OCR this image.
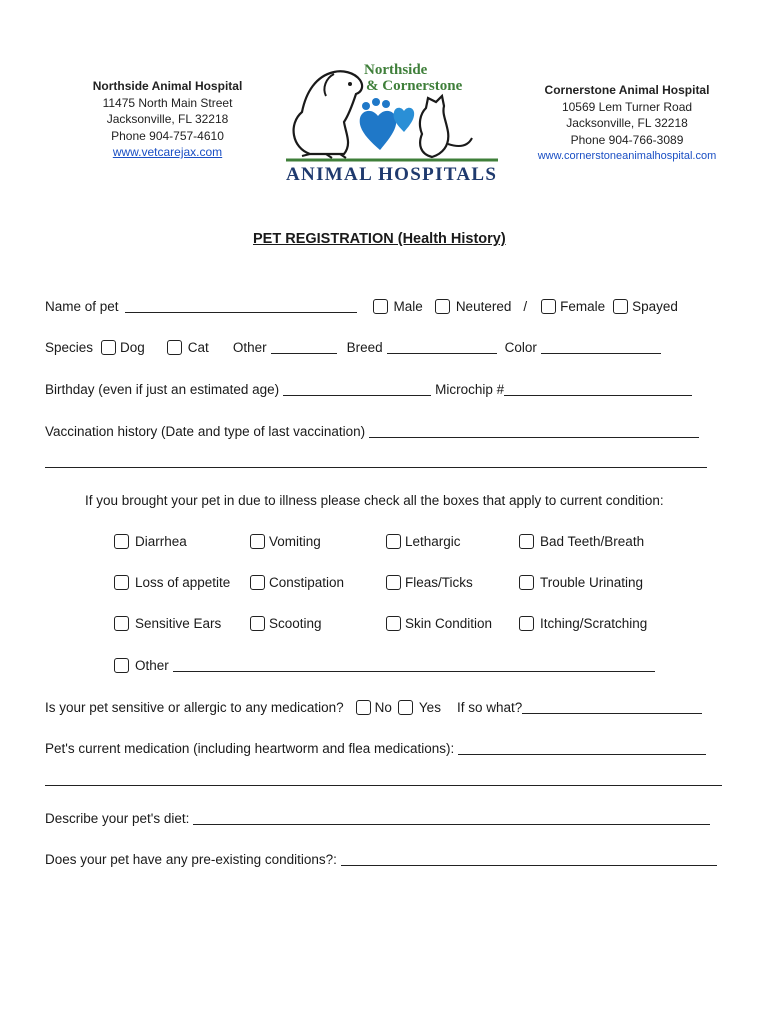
Northside Animal Hospital
11475 North Main Street
Jacksonville, FL 32218
Phone 904-757-4610
www.vetcarejax.com
Northside
& Cornerstone
ANIMAL HOSPITALS
Cornerstone Animal Hospital
10569 Lem Turner Road
Jacksonville, FL 32218
Phone 904-766-3089
www.cornerstoneanimalhospital.com
PET REGISTRATION (Health History)
Name of pet	Male Neutered / Female Spayed
Species Dog	Cat Other	Breed	Color
Birthday (even if just an estimated age)	Microchip #
Vaccination history (Date and type of last vaccination)
If you brought your pet in due to illness please check all the boxes that apply to current condition:
Diarrhea	Vomiting	Lethargic	Bad Teeth/Breath
Loss of appetite	Constipation	Fleas/Ticks	Trouble Urinating
Sensitive Ears	Scooting	Skin Condition	Itching/Scratching
Other
Is your pet sensitive or allergic to any medication? No Yes If so what?
Pet's current medication (including heartworm and flea medications):
Describe your pet's diet:
Does your pet have any pre-existing conditions?:
